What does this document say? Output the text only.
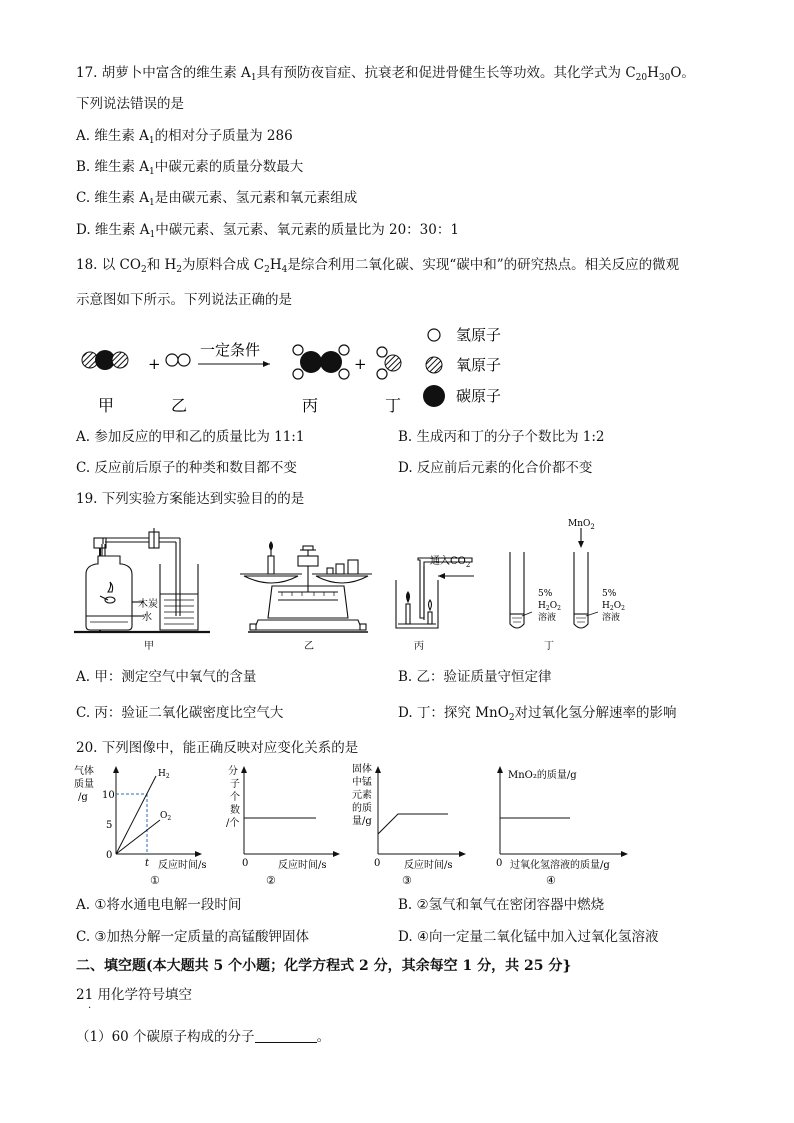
17. 胡萝卜中富含的维生素 $A_1$具有预防夜盲症、抗衰老和促进骨健生长等功效。其化学式为 $C_{20}H_{30}O$。
下列说法错误的是
A. 维生素 $A_1$的相对分子质量为 286
B. 维生素 $A_1$中碳元素的质量分数最大
C. 维生素 $A_1$是由碳元素、氢元素和氧元素组成
D. 维生素 $A_1$中碳元素、氢元素、氧元素的质量比为 20：30：1
18. 以 $CO_2$和 $H_2$为原料合成 $C_2H_4$是综合利用二氧化碳、实现“碳中和”的研究热点。相关反应的微观
示意图如下所示。下列说法正确的是
+
一定条件
+
甲	乙	丙	丁
氢原子
氧原子
碳原子
A. 参加反应的甲和乙的质量比为 11:1	B. 生成丙和丁的分子个数比为 1:2
C. 反应前后原子的种类和数目都不变	D. 反应前后元素的化合价都不变
19. 下列实验方案能达到实验目的的是
木炭
水
甲	乙
通入$CO_2$
丙
MnO$_2$
5%
$H_2O_2$
溶液
5%
$H_2O_2$
溶液
丁
A. 甲：测定空气中氧气的含量	B. 乙：验证质量守恒定律
C. 丙：验证二氧化碳密度比空气大	D. 丁：探究 MnO$_2$对过氧化氢分解速率的影响
20. 下列图像中，能正确反映对应变化关系的是
气体
质量
/g 10
5
0
t
$H_2$
$O_2$
反应时间/s
①
分
子
个
数
/个
0	反应时间/s
②
固体
中锰
元素
的质
量/g
0 反应时间/s
③
MnO₂的质量/g
0 过氧化氢溶液的质量/g
④
A. ①将水通电电解一段时间	B. ②氢气和氧气在密闭容器中燃烧
C. ③加热分解一定质量的高锰酸钾固体	D. ④向一定量二氧化锰中加入过氧化氢溶液
二、填空题(本大题共 5 个小题；化学方程式 2 分，其余每空 1 分，共 25 分}
21 用化学符号填空
.
（1）60 个碳原子构成的分子	。
